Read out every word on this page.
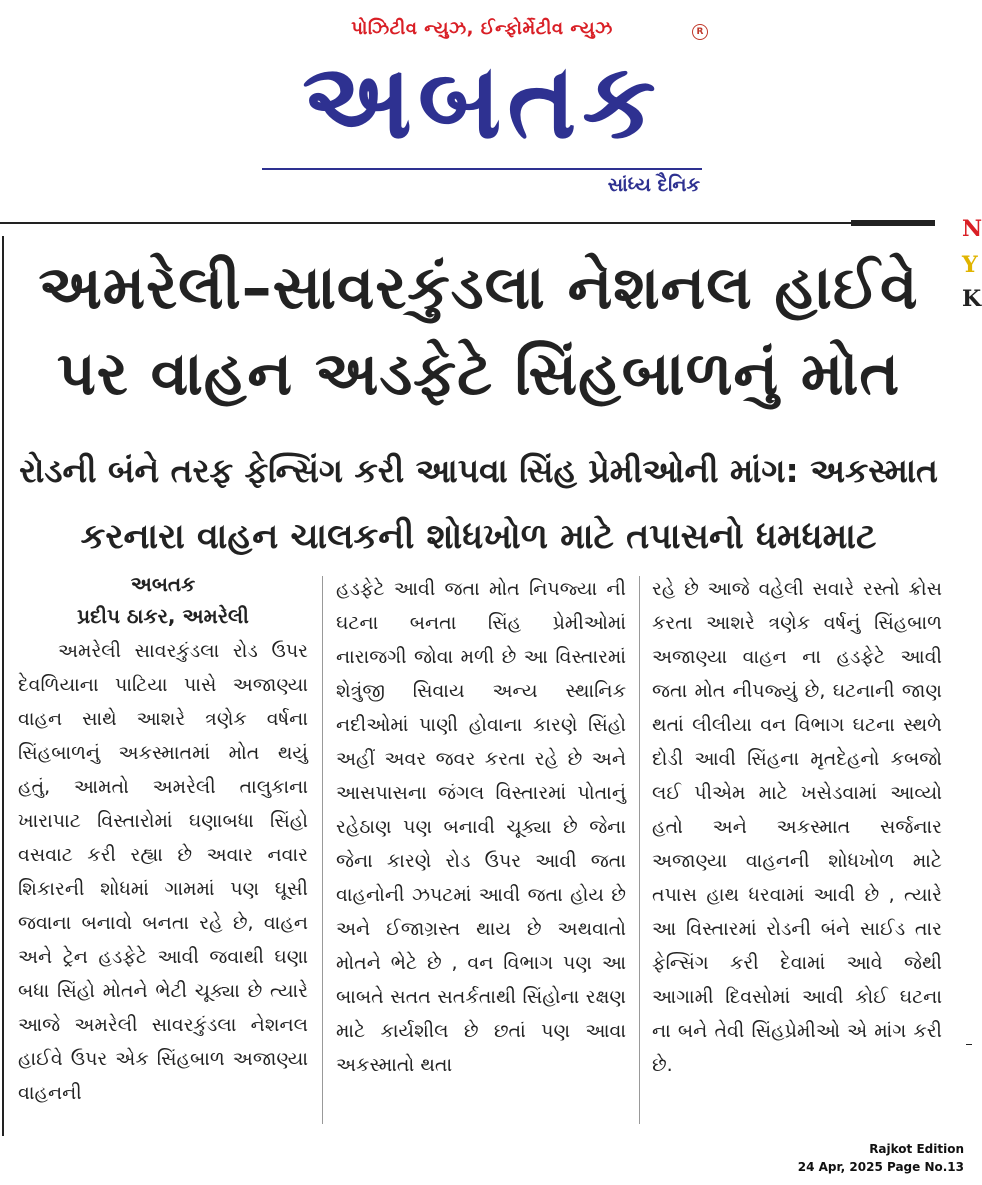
પોઝિટીવ ન્યુઝ, ઈન્ફોર્મેટીવ ન્યુઝ	R
અબતક
સાંધ્ય દૈનિક
N
Y
K
અમરેલી–સાવરકુંડલા નેશનલ હાઈવે
પર વાહન અડફેટે સિંહબાળનું મોત
રોડની બંને તરફ ફેન્સિંગ કરી આપવા સિંહ પ્રેમીઓની માંગ: અકસ્માત
કરનારા વાહન ચાલકની શોધખોળ માટે તપાસનો ધમધમાટ
અબતક
પ્રદીપ ઠાકર, અમરેલી

અમરેલી સાવરકુંડલા રોડ ઉપર દેવળિયાના પાટિયા પાસે અજાણ્યા વાહન સાથે આશરે ત્રણેક વર્ષના સિંહબાળનું અકસ્માતમાં મોત થયું હતું, આમતો અમરેલી તાલુકાના ખારાપાટ વિસ્તારોમાં ઘણાબધા સિંહો વસવાટ કરી રહ્યા છે અવાર નવાર શિકારની શોધમાં ગામમાં પણ ઘૂસી જવાના બનાવો બનતા રહે છે, વાહન અને ટ્રેન હડફેટે આવી જવાથી ઘણા બધા સિંહો મોતને ભેટી ચૂક્યા છે ત્યારે આજે અમરેલી સાવરકુંડલા નેશનલ હાઈવે ઉપર એક સિંહબાળ અજાણ્યા વાહનની

હડફેટે આવી જતા મોત નિપજ્યા ની ઘટના બનતા સિંહ પ્રેમીઓમાં નારાજગી જોવા મળી છે આ વિસ્તારમાં શેત્રુંજી સિવાય અન્ય સ્થાનિક નદીઓમાં પાણી હોવાના કારણે સિંહો અહીં અવર જવર કરતા રહે છે અને આસપાસના જંગલ વિસ્તારમાં પોતાનું રહેઠાણ પણ બનાવી ચૂક્યા છે જેના જેના કારણે રોડ ઉપર આવી જતા વાહનોની ઝપટમાં આવી જતા હોય છે અને ઈજાગ્રસ્ત થાય છે અથવાતો મોતને ભેટે છે , વન વિભાગ પણ આ બાબતે સતત સતર્કતાથી સિંહોના રક્ષણ માટે કાર્યશીલ છે છતાં પણ આવા અકસ્માતો થતા

રહે છે આજે વહેલી સવારે રસ્તો ક્રોસ કરતા આશરે ત્રણેક વર્ષનું સિંહબાળ અજાણ્યા વાહન ના હડફેટે આવી જતા મોત નીપજ્યું છે, ઘટનાની જાણ થતાં લીલીયા વન વિભાગ ઘટના સ્થળે દોડી આવી સિંહના મૃતદેહનો કબજો લઈ પીએમ માટે ખસેડવામાં આવ્યો હતો અને અકસ્માત સર્જનાર અજાણ્યા વાહનની શોધખોળ માટે તપાસ હાથ ધરવામાં આવી છે , ત્યારે આ વિસ્તારમાં રોડની બંને સાઈડ તાર ફેન્સિંગ કરી દેવામાં આવે જેથી આગામી દિવસોમાં આવી કોઈ ઘટના ના બને તેવી સિંહપ્રેમીઓ એ માંગ કરી છે.

Rajkot Edition
24 Apr, 2025 Page No.13
